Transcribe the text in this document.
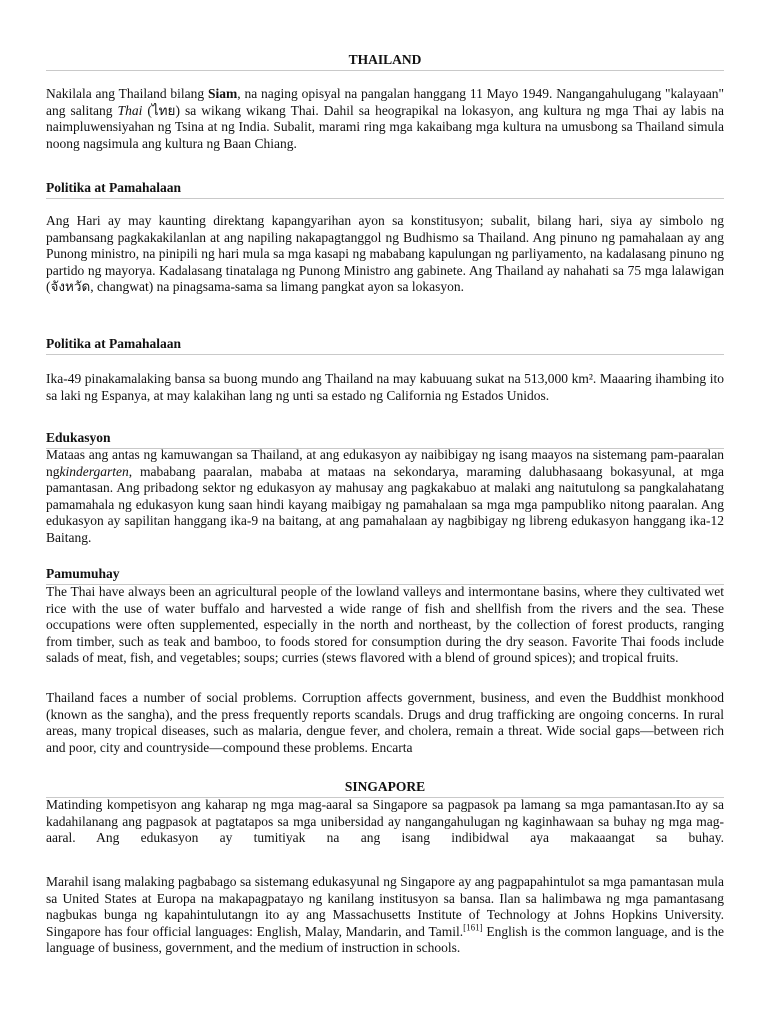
THAILAND

Nakilala ang Thailand bilang Siam, na naging opisyal na pangalan hanggang 11 Mayo 1949. Nangangahulugang "kalayaan" ang salitang Thai (ไทย) sa wikang wikang Thai. Dahil sa heograpikal na lokasyon, ang kultura ng mga Thai ay labis na naimpluwensiyahan ng Tsina at ng India. Subalit, marami ring mga kakaibang mga kultura na umusbong sa Thailand simula noong nagsimula ang kultura ng Baan Chiang.

Politika at Pamahalaan

Ang Hari ay may kaunting direktang kapangyarihan ayon sa konstitusyon; subalit, bilang hari, siya ay simbolo ng pambansang pagkakakilanlan at ang napiling nakapagtanggol ng Budhismo sa Thailand. Ang pinuno ng pamahalaan ay ang Punong ministro, na pinipili ng hari mula sa mga kasapi ng mababang kapulungan ng parliyamento, na kadalasang pinuno ng partido ng mayorya. Kadalasang tinatalaga ng Punong Ministro ang gabinete. Ang Thailand ay nahahati sa 75 mga lalawigan (จังหวัด, changwat) na pinagsama-sama sa limang pangkat ayon sa lokasyon.

Politika at Pamahalaan

Ika-49 pinakamalaking bansa sa buong mundo ang Thailand na may kabuuang sukat na 513,000 km². Maaaring ihambing ito sa laki ng Espanya, at may kalakihan lang ng unti sa estado ng California ng Estados Unidos.

Edukasyon

Mataas ang antas ng kamuwangan sa Thailand, at ang edukasyon ay naibibigay ng isang maayos na sistemang pam-paaralan ngkindergarten, mababang paaralan, mababa at mataas na sekondarya, maraming dalubhasaang bokasyunal, at mga pamantasan. Ang pribadong sektor ng edukasyon ay mahusay ang pagkakabuo at malaki ang naitutulong sa pangkalahatang pamamahala ng edukasyon kung saan hindi kayang maibigay ng pamahalaan sa mga mga pampubliko nitong paaralan. Ang edukasyon ay sapilitan hanggang ika-9 na baitang, at ang pamahalaan ay nagbibigay ng libreng edukasyon hanggang ika-12 Baitang.

Pamumuhay

The Thai have always been an agricultural people of the lowland valleys and intermontane basins, where they cultivated wet rice with the use of water buffalo and harvested a wide range of fish and shellfish from the rivers and the sea. These occupations were often supplemented, especially in the north and northeast, by the collection of forest products, ranging from timber, such as teak and bamboo, to foods stored for consumption during the dry season. Favorite Thai foods include salads of meat, fish, and vegetables; soups; curries (stews flavored with a blend of ground spices); and tropical fruits.

Thailand faces a number of social problems. Corruption affects government, business, and even the Buddhist monkhood (known as the sangha), and the press frequently reports scandals. Drugs and drug trafficking are ongoing concerns. In rural areas, many tropical diseases, such as malaria, dengue fever, and cholera, remain a threat. Wide social gaps—between rich and poor, city and countryside—compound these problems. Encarta

SINGAPORE

Matinding kompetisyon ang kaharap ng mga mag-aaral sa Singapore sa pagpasok pa lamang sa mga pamantasan.Ito ay sa kadahilanang ang pagpasok at pagtatapos sa mga unibersidad ay nangangahulugan ng kaginhawaan sa buhay ng mga mag-aaral. Ang edukasyon ay tumitiyak na ang isang indibidwal aya makaaangat sa buhay.

Marahil isang malaking pagbabago sa sistemang edukasyunal ng Singapore ay ang pagpapahintulot sa mga pamantasan mula sa United States at Europa na makapagpatayo ng kanilang institusyon sa bansa. Ilan sa halimbawa ng mga pamantasang nagbukas bunga ng kapahintulutangn ito ay ang Massachusetts Institute of Technology at Johns Hopkins University. Singapore has four official languages: English, Malay, Mandarin, and Tamil.[161] English is the common language, and is the language of business, government, and the medium of instruction in schools.
